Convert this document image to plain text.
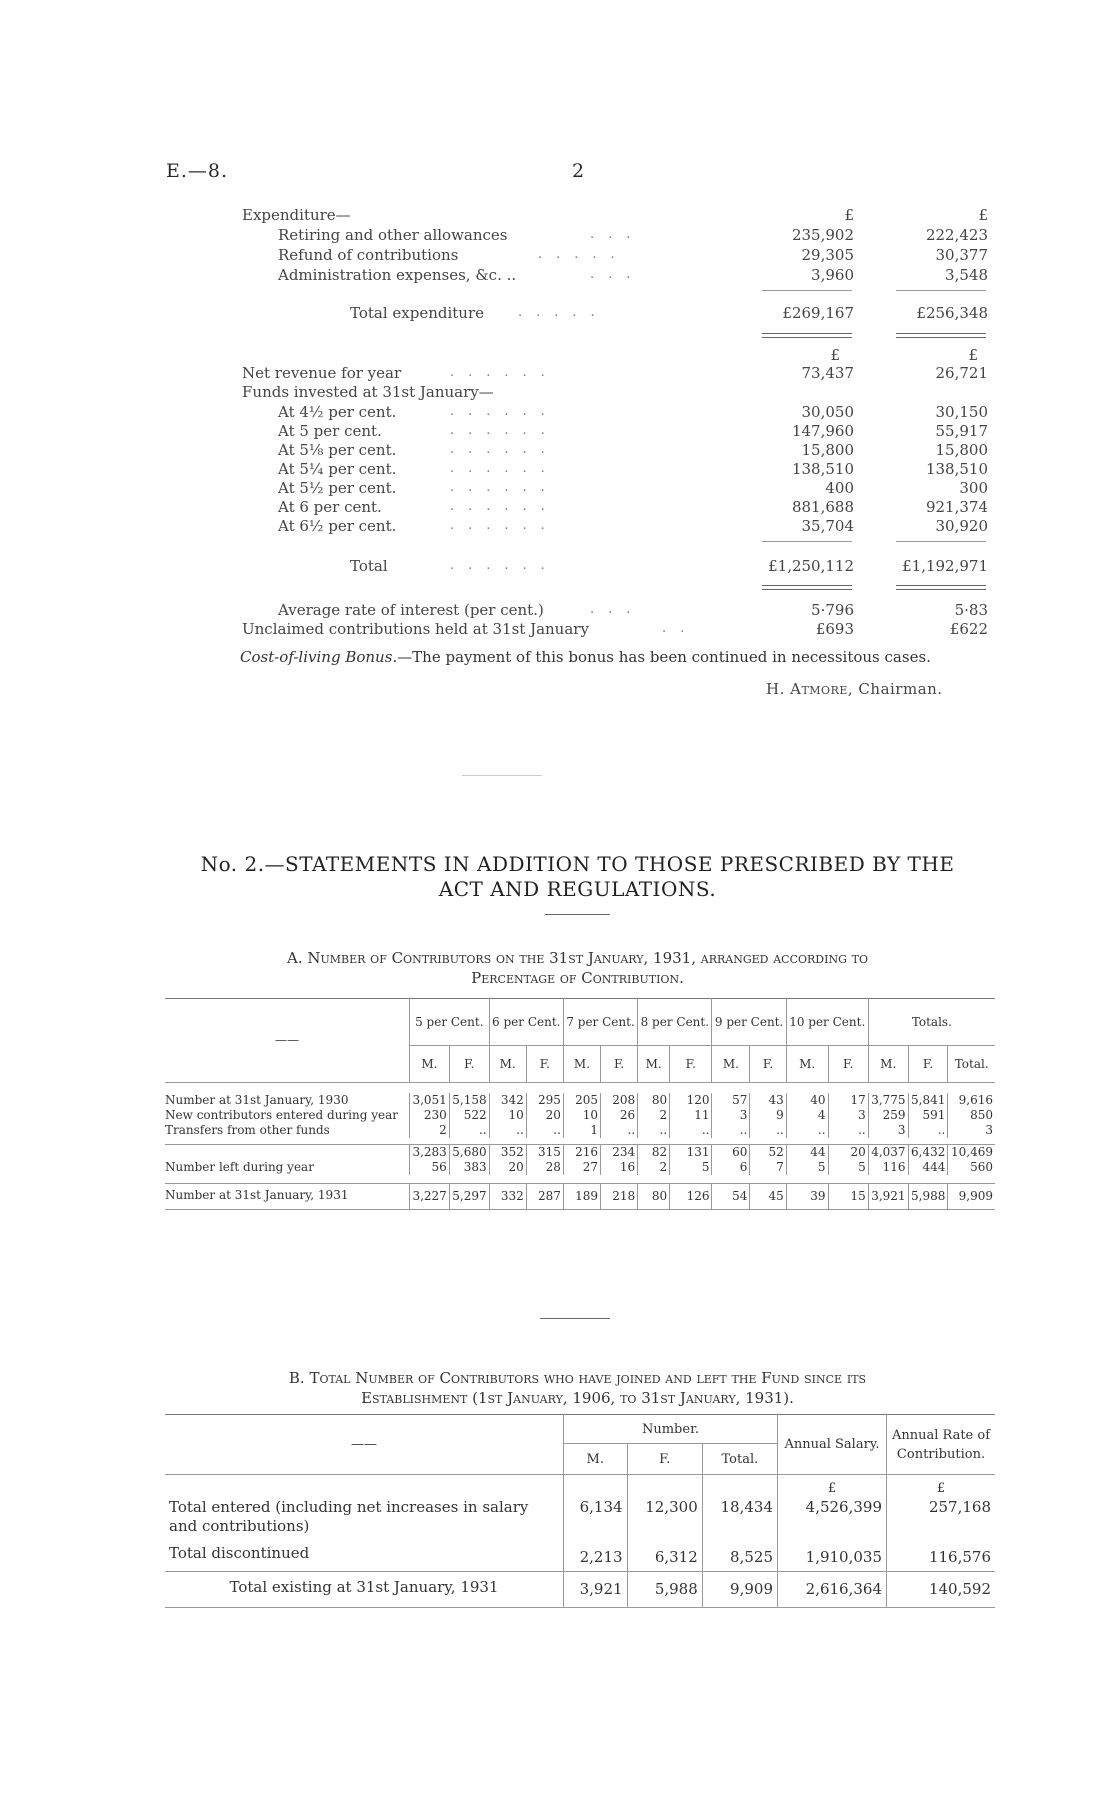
E.—8.	2
Expenditure—	£	£
Retiring and other allowances	...	235,902	222,423
Refund of contributions	.....	29,305	30,377
Administration expenses, &c. ..	...	3,960	3,548
Total expenditure	.....	£269,167	£256,348
£	£
Net revenue for year	......	73,437	26,721
Funds invested at 31st January—
At 4½ per cent.	......	30,050	30,150
At 5 per cent.	......	147,960	55,917
At 5⅛ per cent.	......	15,800	15,800
At 5¼ per cent.	......	138,510	138,510
At 5½ per cent.	......	400	300
At 6 per cent.	......	881,688	921,374
At 6½ per cent.	......	35,704	30,920
Total	......	£1,250,112	£1,192,971
Average rate of interest (per cent.)	...	5·796	5·83
Unclaimed contributions held at 31st January	..	£693	£622
Cost-of-living Bonus.—The payment of this bonus has been continued in necessitous cases.
H. Atmore, Chairman.
No. 2.—STATEMENTS IN ADDITION TO THOSE PRESCRIBED BY THE
ACT AND REGULATIONS.
A. Number of Contributors on the 31st January, 1931, arranged according to
Percentage of Contribution.
——	5 per Cent.		6 per Cent.		7 per Cent.		8 per Cent.		9 per Cent.		10 per Cent.		Totals.		
	M.	F.	M.	F.	M.	F.	M.	F.	M.	F.	M.	F.	M.	F.	Total.

Number at 31st January, 1930	3,051	5,158	342	295	205	208	80	120	57	43	40	17	3,775	5,841	9,616
New contributors entered during year	230	522	10	20	10	26	2	11	3	9	4	3	259	591	850
Transfers from other funds	2	..	..	..	1	..	..	..	..	..	..	..	3	..	3

	3,283	5,680	352	315	216	234	82	131	60	52	44	20	4,037	6,432	10,469
Number left during year	56	383	20	28	27	16	2	5	6	7	5	5	116	444	560

Number at 31st January, 1931	3,227	5,297	332	287	189	218	80	126	54	45	39	15	3,921	5,988	9,909
B. Total Number of Contributors who have joined and left the Fund since its
Establishment (1st January, 1906, to 31st January, 1931).
——	Number.			Annual Salary.	Annual Rate of Contribution.
	M.	F.	Total.		
				£	£
Total entered (including net increases in salary and contributions)	6,134	12,300	18,434	4,526,399	257,168
Total discontinued	2,213	6,312	8,525	1,910,035	116,576
Total existing at 31st January, 1931	3,921	5,988	9,909	2,616,364	140,592
